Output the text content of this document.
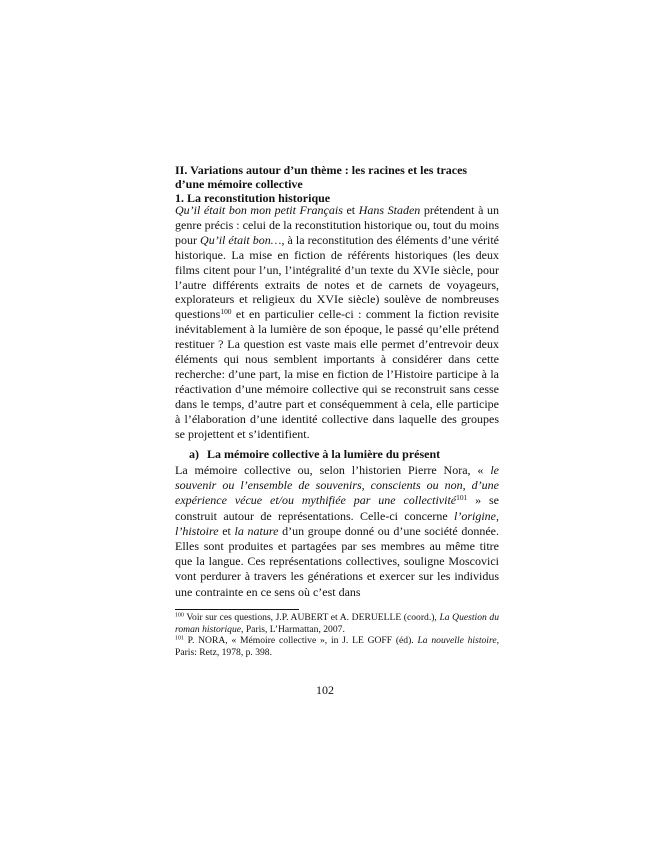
II. Variations autour d’un thème : les racines et les traces
d’une mémoire collective
1. La reconstitution historique

Qu’il était bon mon petit Français et Hans Staden prétendent à un genre précis : celui de la reconstitution historique ou, tout du moins pour Qu’il était bon…, à la reconstitution des éléments d’une vérité historique. La mise en fiction de référents historiques (les deux films citent pour l’un, l’intégralité d’un texte du XVIe siècle, pour l’autre différents extraits de notes et de carnets de voyageurs, explorateurs et religieux du XVIe siècle) soulève de nombreuses questions$^{100}$ et en particulier celle-ci : comment la fiction revisite inévitablement à la lumière de son époque, le passé qu’elle prétend restituer ? La question est vaste mais elle permet d’entrevoir deux éléments qui nous semblent importants à considérer dans cette recherche: d’une part, la mise en fiction de l’Histoire participe à la réactivation d’une mémoire collective qui se reconstruit sans cesse dans le temps, d’autre part et conséquemment à cela, elle participe à l’élaboration d’une identité collective dans laquelle des groupes se projettent et s’identifient.

a) La mémoire collective à la lumière du présent

La mémoire collective ou, selon l’historien Pierre Nora, « le souvenir ou l’ensemble de souvenirs, conscients ou non, d’une expérience vécue et/ou mythifiée par une collectivité$^{101}$ » se construit autour de représentations. Celle-ci concerne l’origine, l’histoire et la nature d’un groupe donné ou d’une société donnée. Elles sont produites et partagées par ses membres au même titre que la langue. Ces représentations collectives, souligne Moscovici vont perdurer à travers les générations et exercer sur les individus une contrainte en ce sens où c’est dans

$^{100}$ Voir sur ces questions, J.P. AUBERT et A. DERUELLE (coord.), La Question du roman historique, Paris, L’Harmattan, 2007.

$^{101}$ P. NORA, « Mémoire collective », in J. LE GOFF (éd). La nouvelle histoire, Paris: Retz, 1978, p. 398.

102
